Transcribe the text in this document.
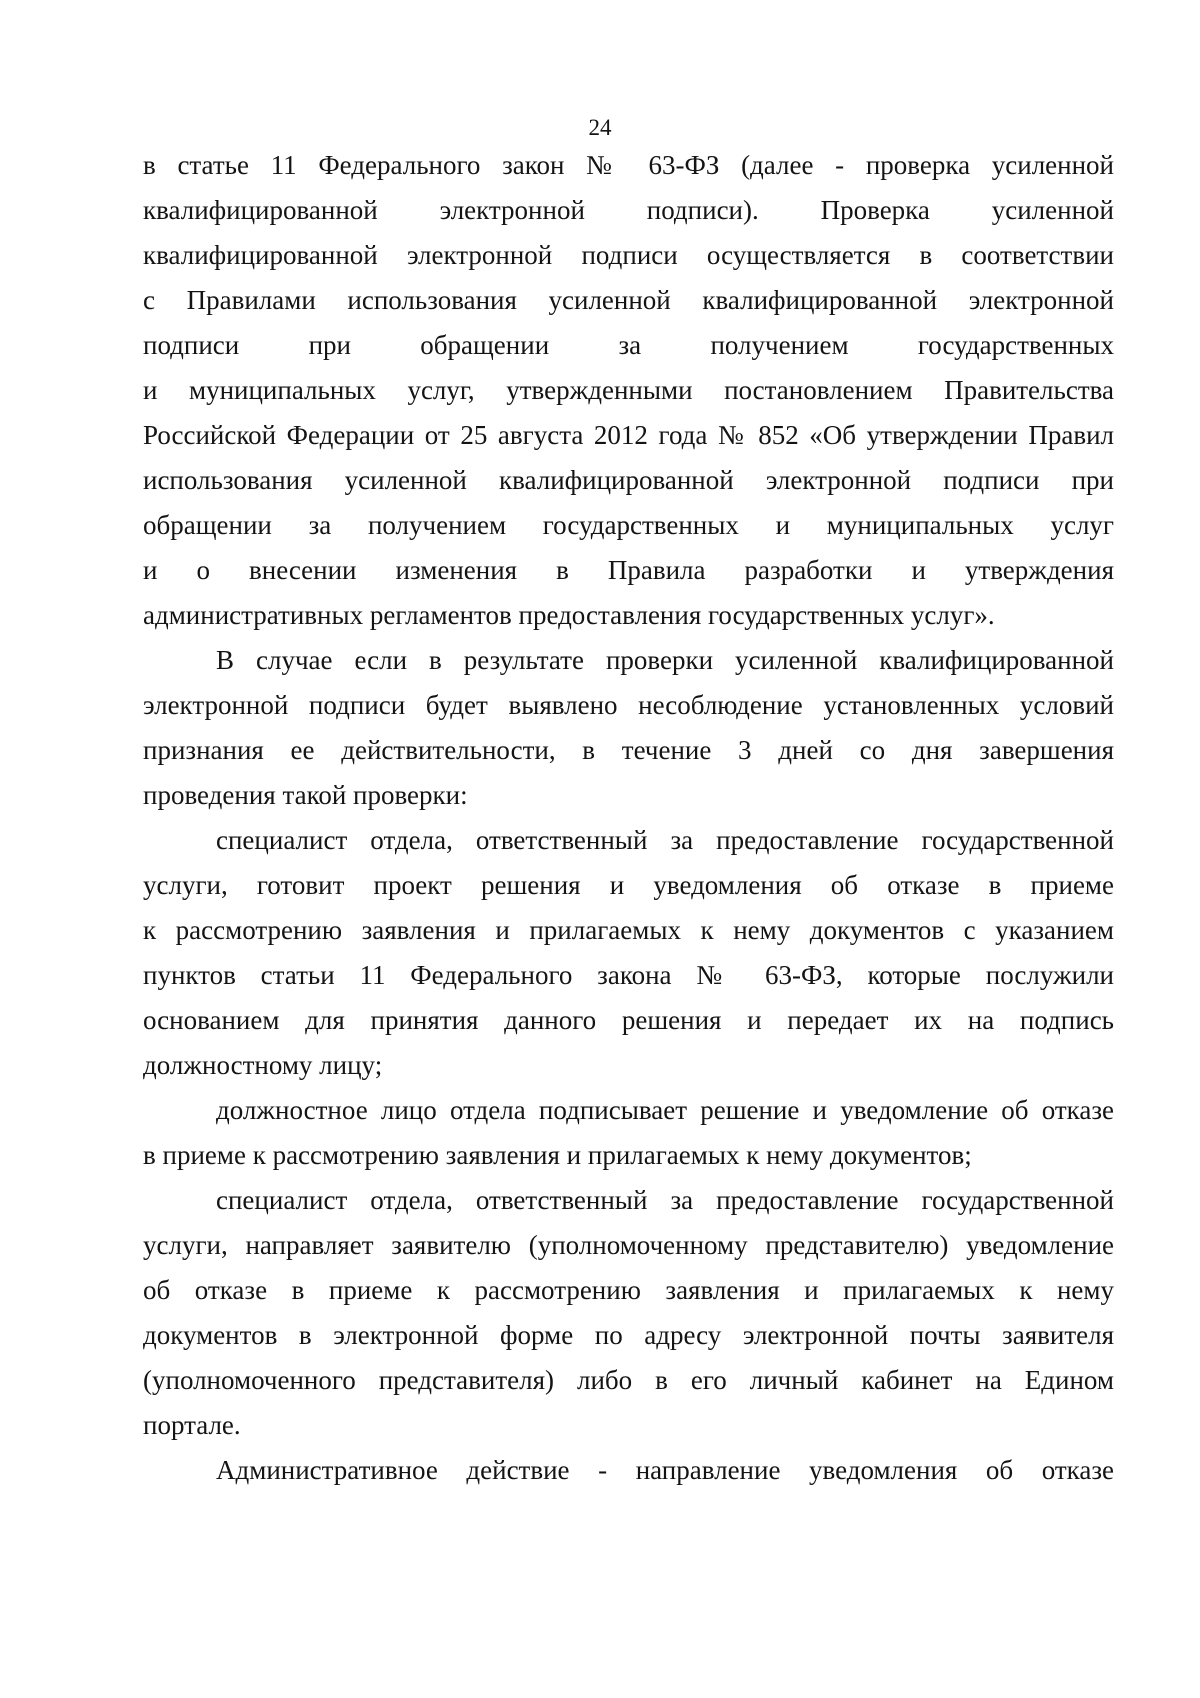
24
в статье 11 Федерального закон № 63-ФЗ (далее - проверка усиленной
квалифицированной электронной подписи). Проверка усиленной
квалифицированной электронной подписи осуществляется в соответствии
с Правилами использования усиленной квалифицированной электронной
подписи при обращении за получением государственных
и муниципальных услуг, утвержденными постановлением Правительства
Российской Федерации от 25 августа 2012 года № 852 «Об утверждении Правил
использования усиленной квалифицированной электронной подписи при
обращении за получением государственных и муниципальных услуг
и о внесении изменения в Правила разработки и утверждения
административных регламентов предоставления государственных услуг».
В случае если в результате проверки усиленной квалифицированной
электронной подписи будет выявлено несоблюдение установленных условий
признания ее действительности, в течение 3 дней со дня завершения
проведения такой проверки:
специалист отдела, ответственный за предоставление государственной
услуги, готовит проект решения и уведомления об отказе в приеме
к рассмотрению заявления и прилагаемых к нему документов с указанием
пунктов статьи 11 Федерального закона № 63-ФЗ, которые послужили
основанием для принятия данного решения и передает их на подпись
должностному лицу;
должностное лицо отдела подписывает решение и уведомление об отказе
в приеме к рассмотрению заявления и прилагаемых к нему документов;
специалист отдела, ответственный за предоставление государственной
услуги, направляет заявителю (уполномоченному представителю) уведомление
об отказе в приеме к рассмотрению заявления и прилагаемых к нему
документов в электронной форме по адресу электронной почты заявителя
(уполномоченного представителя) либо в его личный кабинет на Едином
портале.
Административное действие - направление уведомления об отказе
